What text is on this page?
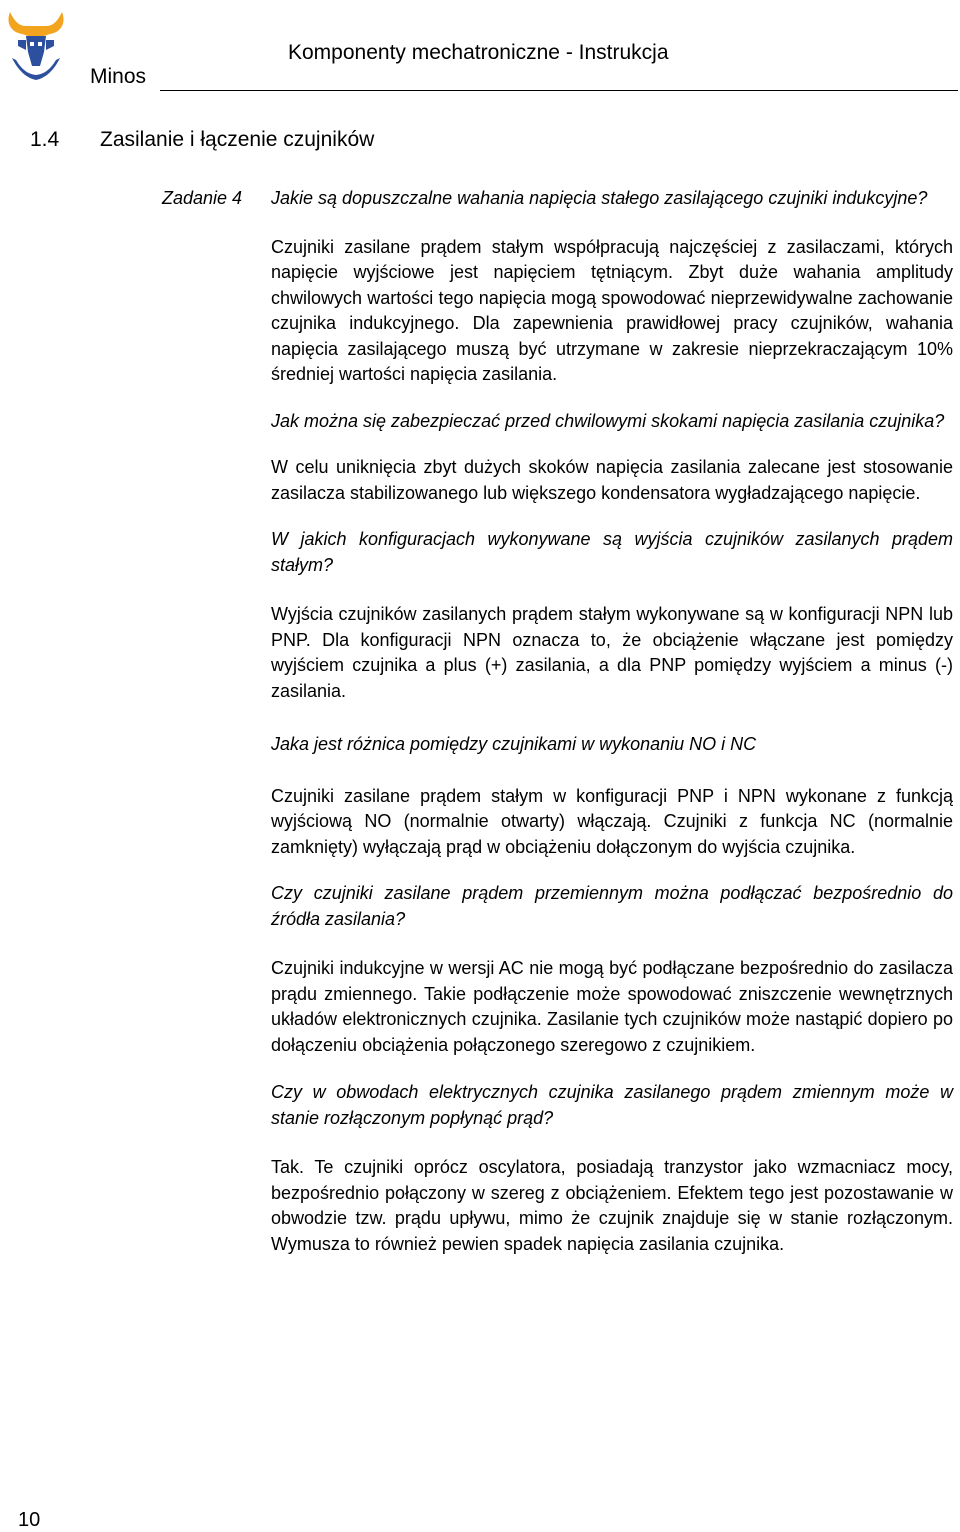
Minos
Komponenty mechatroniczne - Instrukcja
1.4 Zasilanie i łączenie czujników
Zadanie 4 Jakie są dopuszczalne wahania napięcia stałego zasilającego czujniki indukcyjne?

Czujniki zasilane prądem stałym współpracują najczęściej z zasilaczami, których napięcie wyjściowe jest napięciem tętniącym. Zbyt duże wahania amplitudy chwilowych wartości tego napięcia mogą spowodować nieprzewidywalne zachowanie czujnika indukcyjnego. Dla zapewnienia prawidłowej pracy czujników, wahania napięcia zasilającego muszą być utrzymane w zakresie nieprzekraczającym 10% średniej wartości napięcia zasilania.

Jak można się zabezpieczać przed chwilowymi skokami napięcia zasilania czujnika?

W celu uniknięcia zbyt dużych skoków napięcia zasilania zalecane jest stosowanie zasilacza stabilizowanego lub większego kondensatora wygładzającego napięcie.

W jakich konfiguracjach wykonywane są wyjścia czujników zasilanych prądem stałym?

Wyjścia czujników zasilanych prądem stałym wykonywane są w konfiguracji NPN lub PNP. Dla konfiguracji NPN oznacza to, że obciążenie włączane jest pomiędzy wyjściem czujnika a plus (+) zasilania, a dla PNP pomiędzy wyjściem a minus (-) zasilania.

Jaka jest różnica pomiędzy czujnikami w wykonaniu NO i NC

Czujniki zasilane prądem stałym w konfiguracji PNP i NPN wykonane z funkcją wyjściową NO (normalnie otwarty) włączają. Czujniki z funkcja NC (normalnie zamknięty) wyłączają prąd w obciążeniu dołączonym do wyjścia czujnika.

Czy czujniki zasilane prądem przemiennym można podłączać bezpośrednio do źródła zasilania?

Czujniki indukcyjne w wersji AC nie mogą być podłączane bezpośrednio do zasilacza prądu zmiennego. Takie podłączenie może spowodować zniszczenie wewnętrznych układów elektronicznych czujnika. Zasilanie tych czujników może nastąpić dopiero po dołączeniu obciążenia połączonego szeregowo z czujnikiem.

Czy w obwodach elektrycznych czujnika zasilanego prądem zmiennym może w stanie rozłączonym popłynąć prąd?

Tak. Te czujniki oprócz oscylatora, posiadają tranzystor jako wzmacniacz mocy, bezpośrednio połączony w szereg z obciążeniem. Efektem tego jest pozostawanie w obwodzie tzw. prądu upływu, mimo że czujnik znajduje się w stanie rozłączonym. Wymusza to również pewien spadek napięcia zasilania czujnika.

10
